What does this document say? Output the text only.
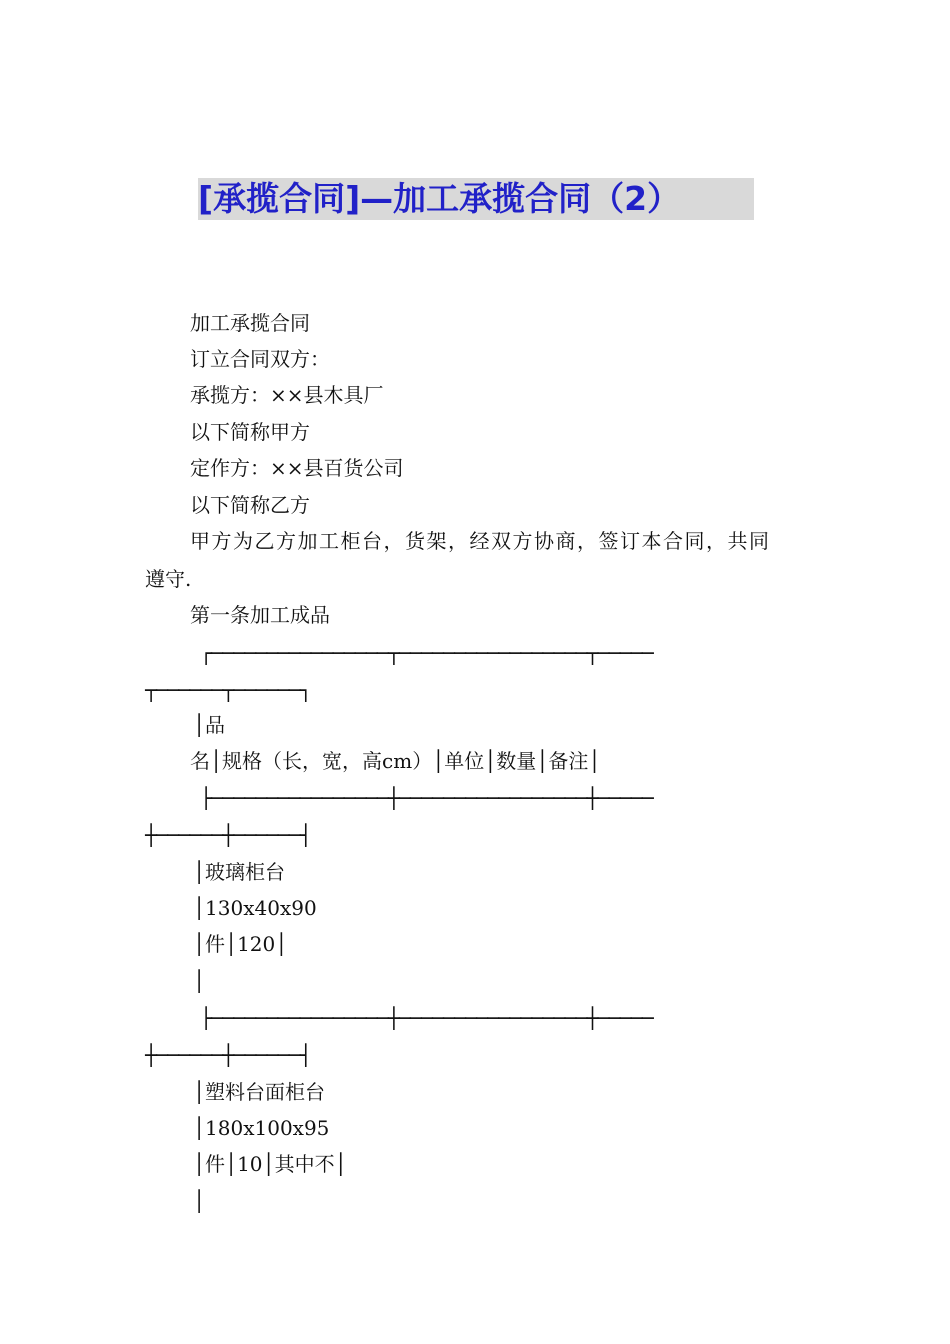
[承揽合同]—加工承揽合同（2）
加工承揽合同
订立合同双方：
承揽方：××县木具厂
以下简称甲方
定作方：××县百货公司
以下简称乙方
甲方为乙方加工柜台，货架，经双方协商，签订本合同，共同
遵守.
第一条加工成品
┌────────────────┬─────────────────┬─────
┬──────┬──────┐
│品
名│规格（长，宽，高cm）│单位│数量│备注│
├────────────────┼─────────────────┼─────
┼──────┼──────┤
│玻璃柜台
│130x40x90
│件│120│
│
├────────────────┼─────────────────┼─────
┼──────┼──────┤
│塑料台面柜台
│180x100x95
│件│10│其中不│
│
